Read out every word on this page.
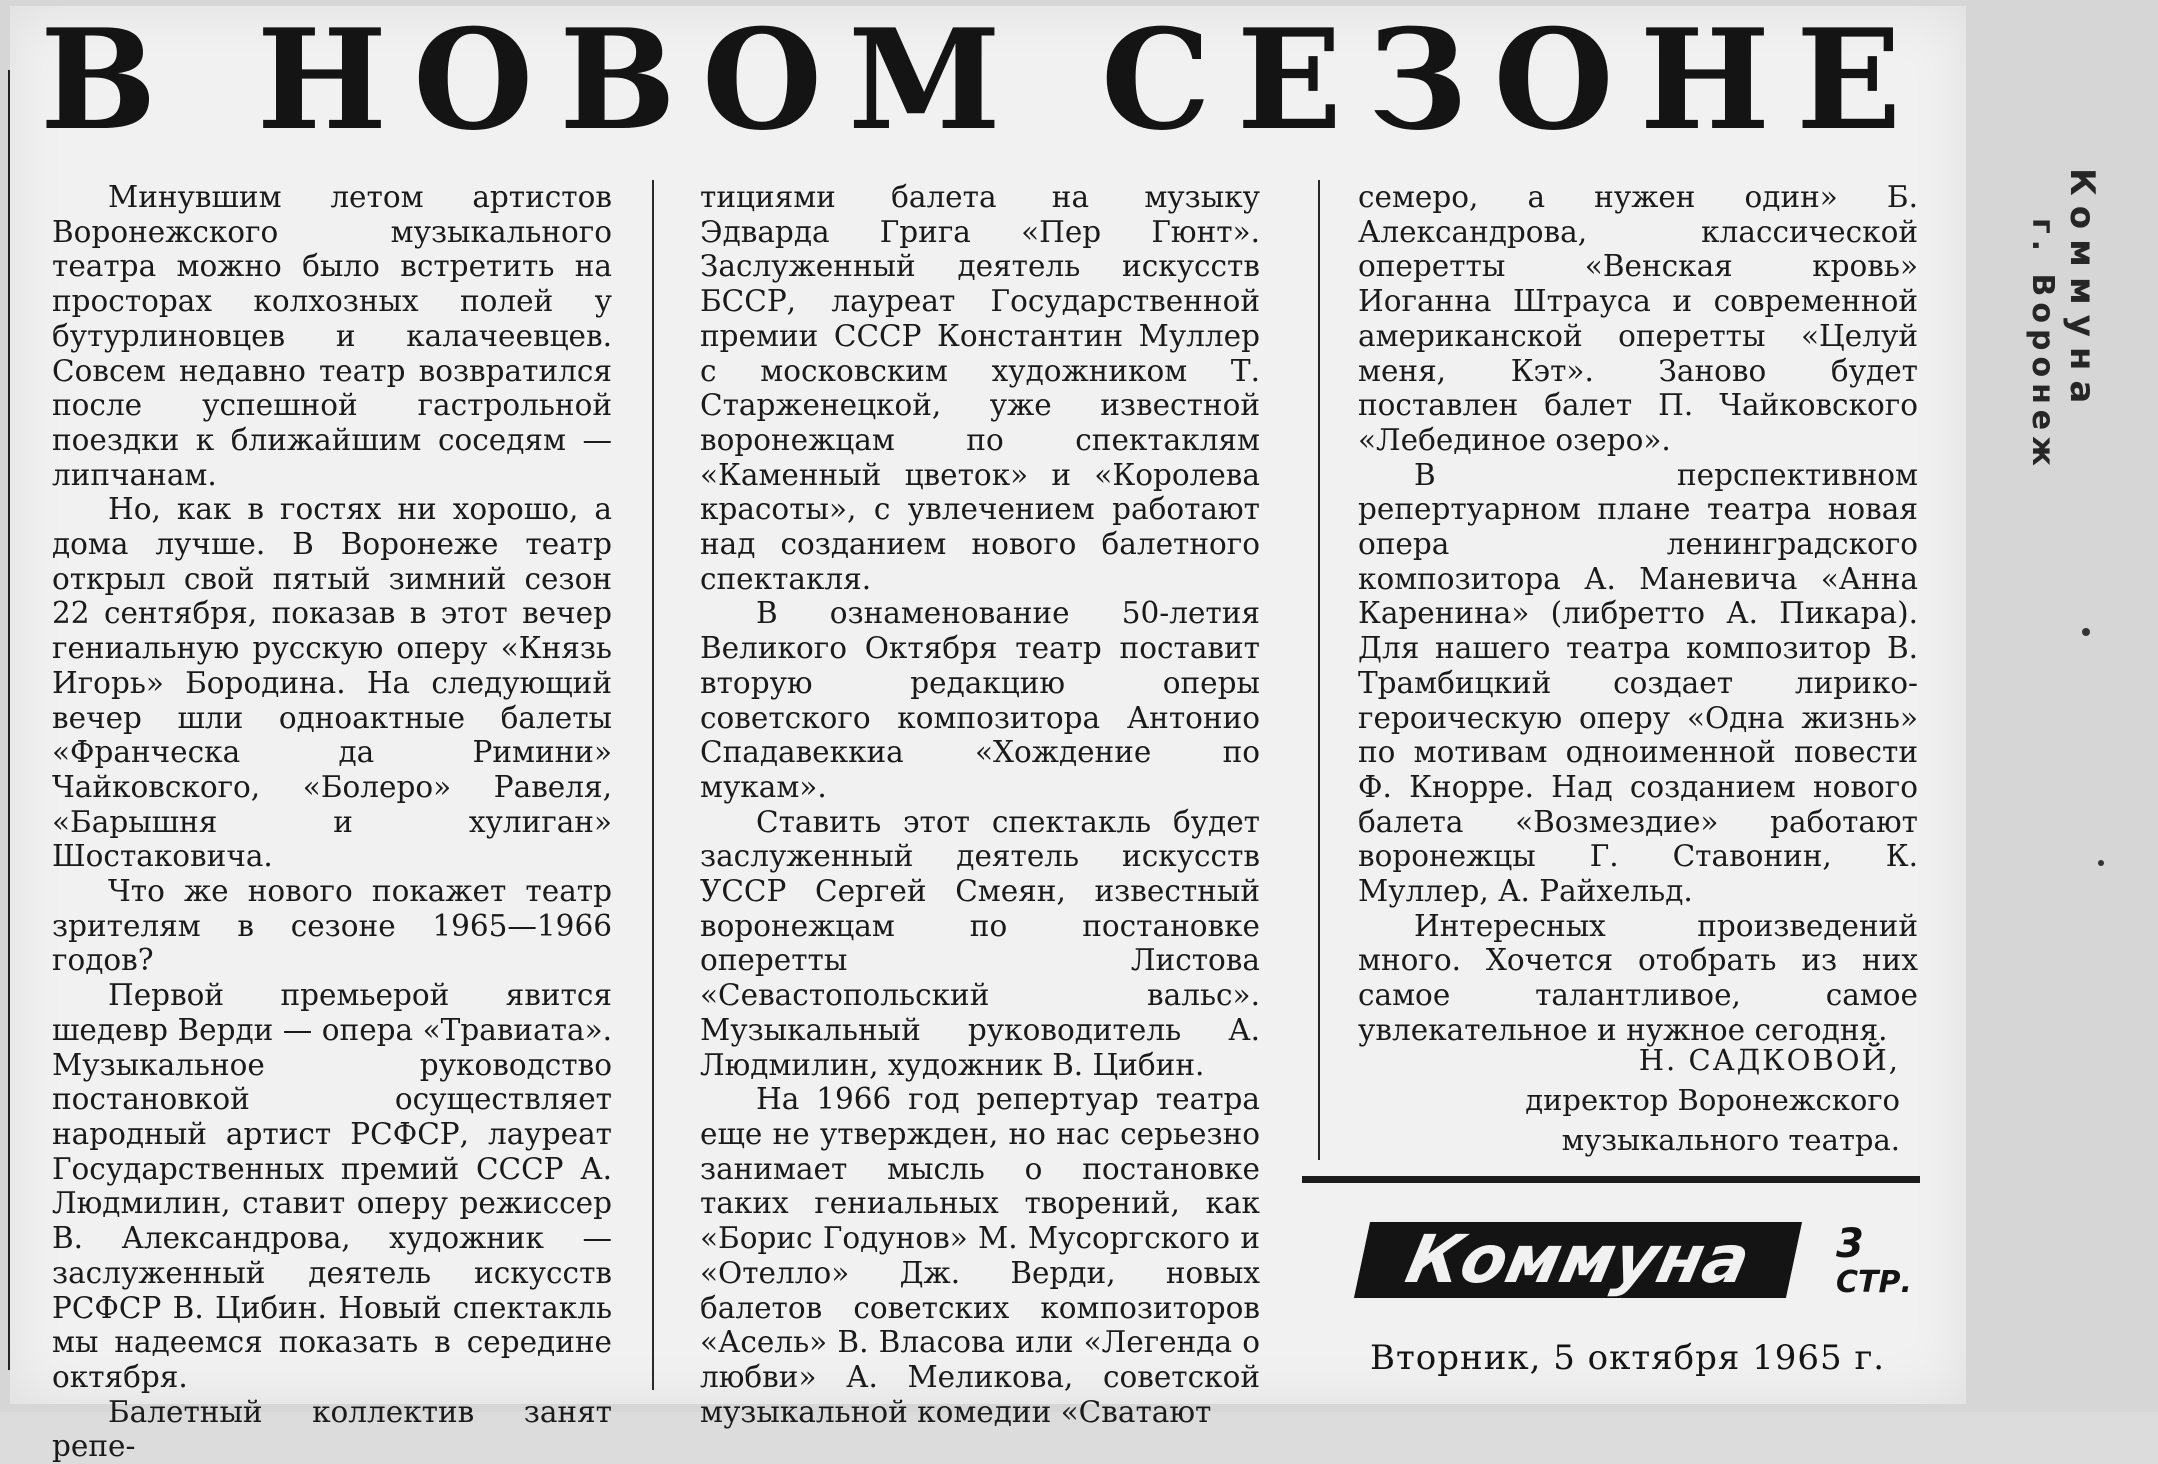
В НОВОМ СЕЗОНЕ

Минувшим летом артистов Воронежского музыкального театра можно было встретить на просторах колхозных полей у бутурлиновцев и калачеевцев. Совсем недавно театр возвратился после успешной гастрольной поездки к ближайшим соседям — липчанам.

Но, как в гостях ни хорошо, а дома лучше. В Воронеже театр открыл свой пятый зимний сезон 22 сентября, показав в этот вечер гениальную русскую оперу «Князь Игорь» Бородина. На следующий вечер шли одноактные балеты «Франческа да Римини» Чайковского, «Болеро» Равеля, «Барышня и хулиган» Шостаковича.

Что же нового покажет театр зрителям в сезоне 1965—1966 годов?

Первой премьерой явится шедевр Верди — опера «Травиата». Музыкальное руководство постановкой осуществляет народный артист РСФСР, лауреат Государственных премий СССР А. Людмилин, ставит оперу режиссер В. Александрова, художник — заслуженный деятель искусств РСФСР В. Цибин. Новый спектакль мы надеемся показать в середине октября.

Балетный коллектив занят репе-

тициями балета на музыку Эдварда Грига «Пер Гюнт». Заслуженный деятель искусств БССР, лауреат Государственной премии СССР Константин Муллер с московским художником Т. Старженецкой, уже известной воронежцам по спектаклям «Каменный цветок» и «Королева красоты», с увлечением работают над созданием нового балетного спектакля.

В ознаменование 50-летия Великого Октября театр поставит вторую редакцию оперы советского композитора Антонио Спадавеккиа «Хождение по мукам».

Ставить этот спектакль будет заслуженный деятель искусств УССР Сергей Смеян, известный воронежцам по постановке оперетты Листова «Севастопольский вальс». Музыкальный руководитель А. Людмилин, художник В. Цибин.

На 1966 год репертуар театра еще не утвержден, но нас серьезно занимает мысль о постановке таких гениальных творений, как «Борис Годунов» М. Мусоргского и «Отелло» Дж. Верди, новых балетов советских композиторов «Асель» В. Власова или «Легенда о любви» А. Меликова, советской музыкальной комедии «Сватают

семеро, а нужен один» Б. Александрова, классической оперетты «Венская кровь» Иоганна Штрауса и современной американской оперетты «Целуй меня, Кэт». Заново будет поставлен балет П. Чайковского «Лебединое озеро».

В перспективном репертуарном плане театра новая опера ленинградского композитора А. Маневича «Анна Каренина» (либретто А. Пикара). Для нашего театра композитор В. Трамбицкий создает лирико-героическую оперу «Одна жизнь» по мотивам одноименной повести Ф. Кнорре. Над созданием нового балета «Возмездие» работают воронежцы Г. Ставонин, К. Муллер, А. Райхельд.

Интересных произведений много. Хочется отобрать из них самое талантливое, самое увлекательное и нужное сегодня.

Н. САДКОВОЙ,
директор Воронежского
музыкального театра.
Коммуна	3
СТР.
Вторник, 5 октября 1965 г.
Коммуна
г. Воронеж
